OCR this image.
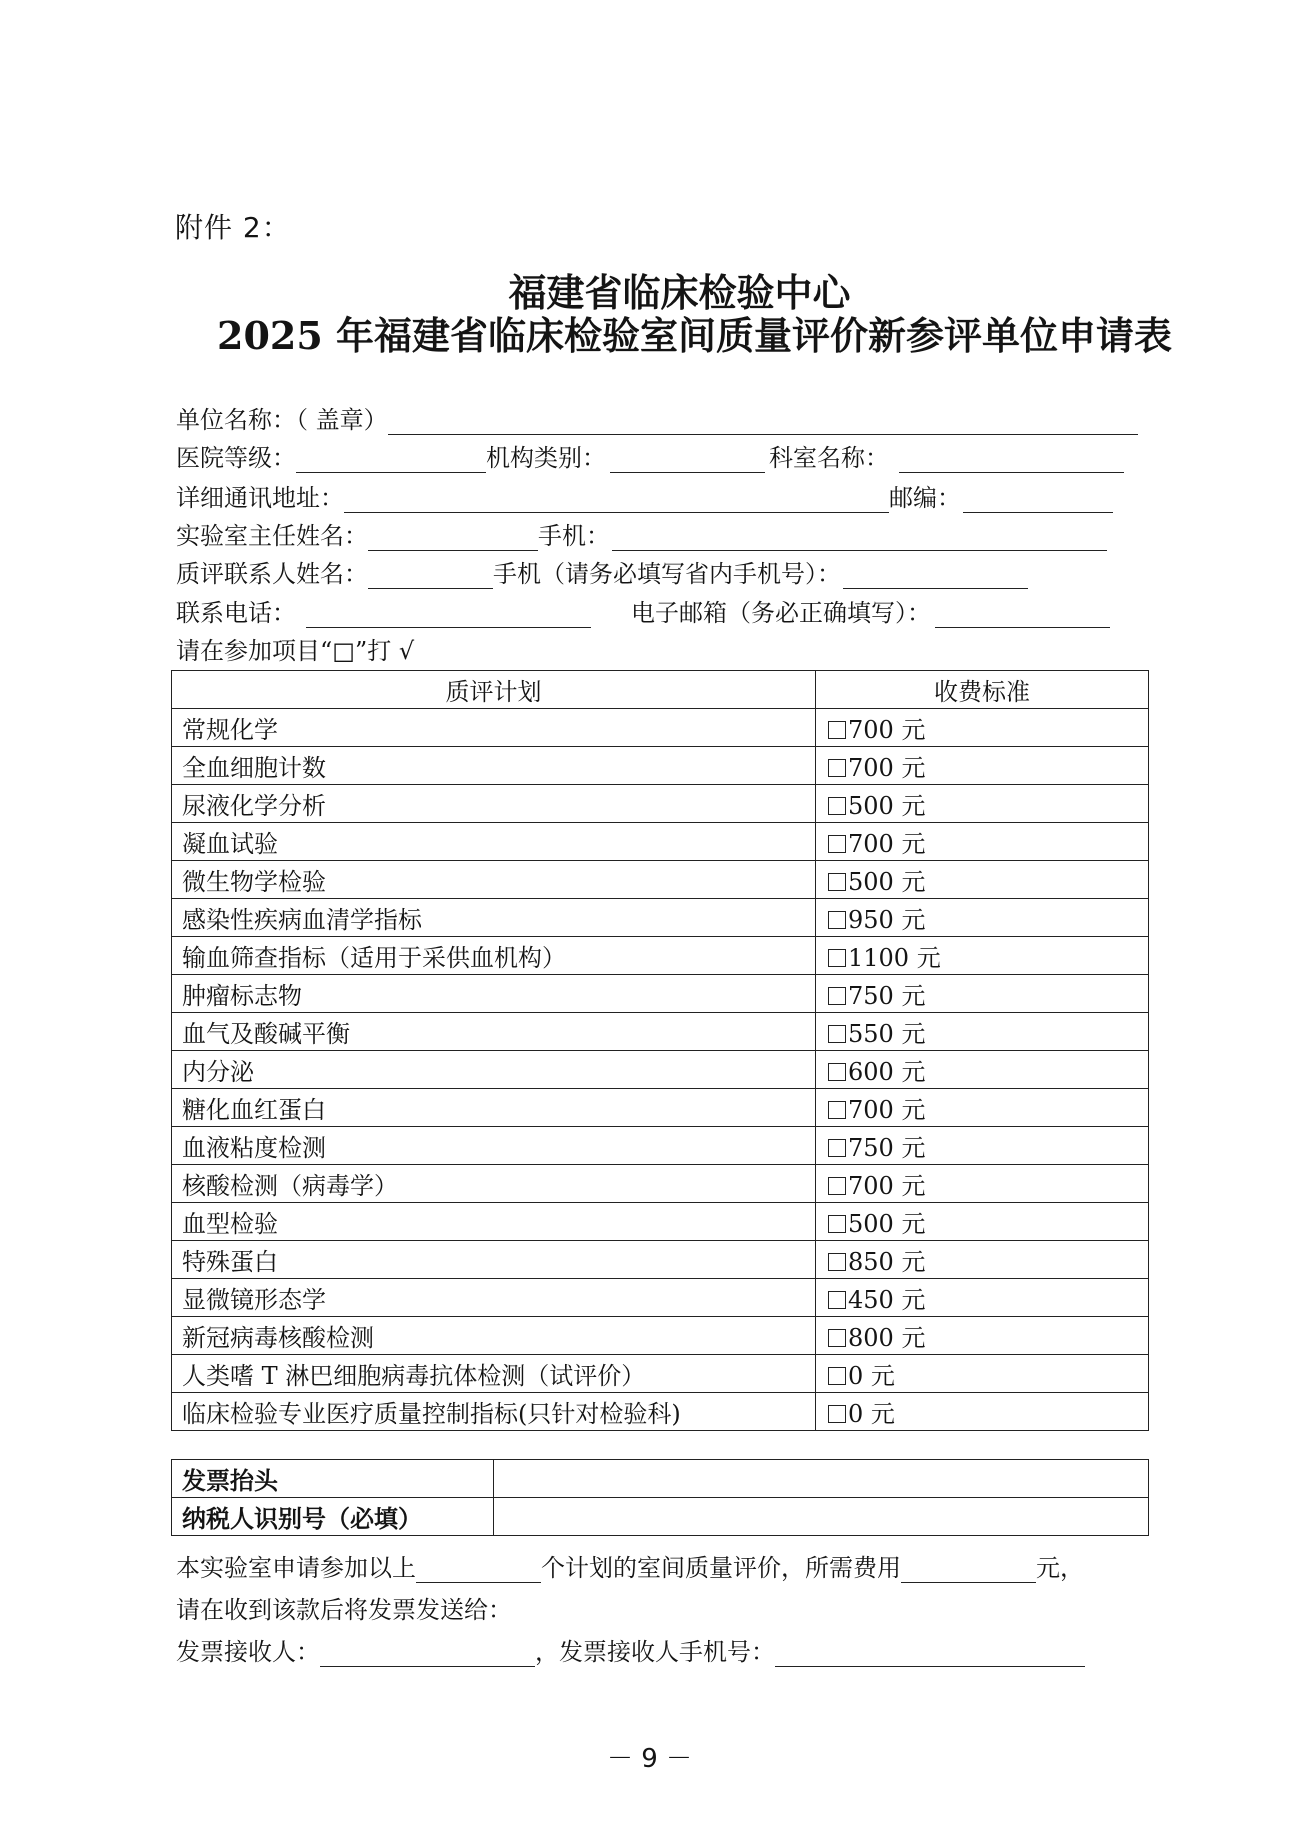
附件 2：
福建省临床检验中心
2025 年福建省临床检验室间质量评价新参评单位申请表
单位名称：（ 盖章）
医院等级：	机构类别：	科室名称：
详细通讯地址：	邮编：
实验室主任姓名：	手机：
质评联系人姓名：	手机（请务必填写省内手机号）：
联系电话：	电子邮箱（务必正确填写）：
请在参加项目“□”打 √
质评计划	收费标准
常规化学	700 元
全血细胞计数	700 元
尿液化学分析	500 元
凝血试验	700 元
微生物学检验	500 元
感染性疾病血清学指标	950 元
输血筛查指标（适用于采供血机构）	1100 元
肿瘤标志物	750 元
血气及酸碱平衡	550 元
内分泌	600 元
糖化血红蛋白	700 元
血液粘度检测	750 元
核酸检测（病毒学）	700 元
血型检验	500 元
特殊蛋白	850 元
显微镜形态学	450 元
新冠病毒核酸检测	800 元
人类嗜 T 淋巴细胞病毒抗体检测（试评价）	0 元
临床检验专业医疗质量控制指标(只针对检验科)	0 元
发票抬头	
纳税人识别号（必填）	
本实验室申请参加以上	个计划的室间质量评价，所需费用	元，
请在收到该款后将发票发送给：
发票接收人：	，发票接收人手机号：
－ 9 －
